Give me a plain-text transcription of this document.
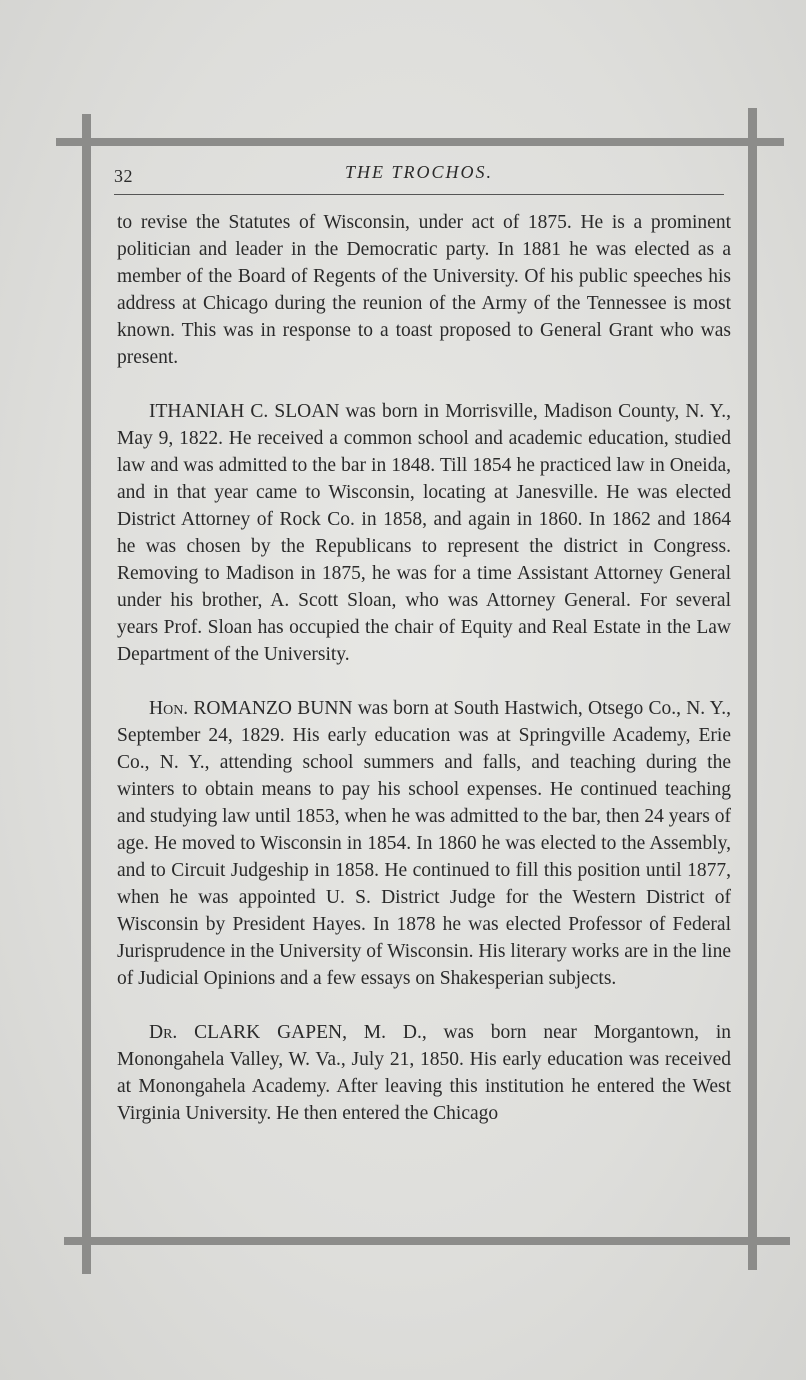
32	THE TROCHOS.

to revise the Statutes of Wisconsin, under act of 1875. He is a prominent politician and leader in the Democratic party. In 1881 he was elected as a member of the Board of Regents of the University. Of his public speeches his address at Chicago during the reunion of the Army of the Tennessee is most known. This was in response to a toast proposed to General Grant who was present.

ITHANIAH C. SLOAN was born in Morrisville, Madison County, N. Y., May 9, 1822. He received a common school and academic education, studied law and was admitted to the bar in 1848. Till 1854 he practiced law in Oneida, and in that year came to Wisconsin, locating at Janesville. He was elected District Attorney of Rock Co. in 1858, and again in 1860. In 1862 and 1864 he was chosen by the Republicans to represent the district in Congress. Removing to Madison in 1875, he was for a time Assistant Attorney General under his brother, A. Scott Sloan, who was Attorney General. For several years Prof. Sloan has occupied the chair of Equity and Real Estate in the Law Department of the University.

Hon. ROMANZO BUNN was born at South Hastwich, Otsego Co., N. Y., September 24, 1829. His early education was at Springville Academy, Erie Co., N. Y., attending school summers and falls, and teaching during the winters to obtain means to pay his school expenses. He continued teaching and studying law until 1853, when he was admitted to the bar, then 24 years of age. He moved to Wisconsin in 1854. In 1860 he was elected to the Assembly, and to Circuit Judgeship in 1858. He continued to fill this position until 1877, when he was appointed U. S. District Judge for the Western District of Wisconsin by President Hayes. In 1878 he was elected Professor of Federal Jurisprudence in the University of Wisconsin. His literary works are in the line of Judicial Opinions and a few essays on Shakesperian subjects.

Dr. CLARK GAPEN, M. D., was born near Morgantown, in Monongahela Valley, W. Va., July 21, 1850. His early education was received at Monongahela Academy. After leaving this institution he entered the West Virginia University. He then entered the Chicago
